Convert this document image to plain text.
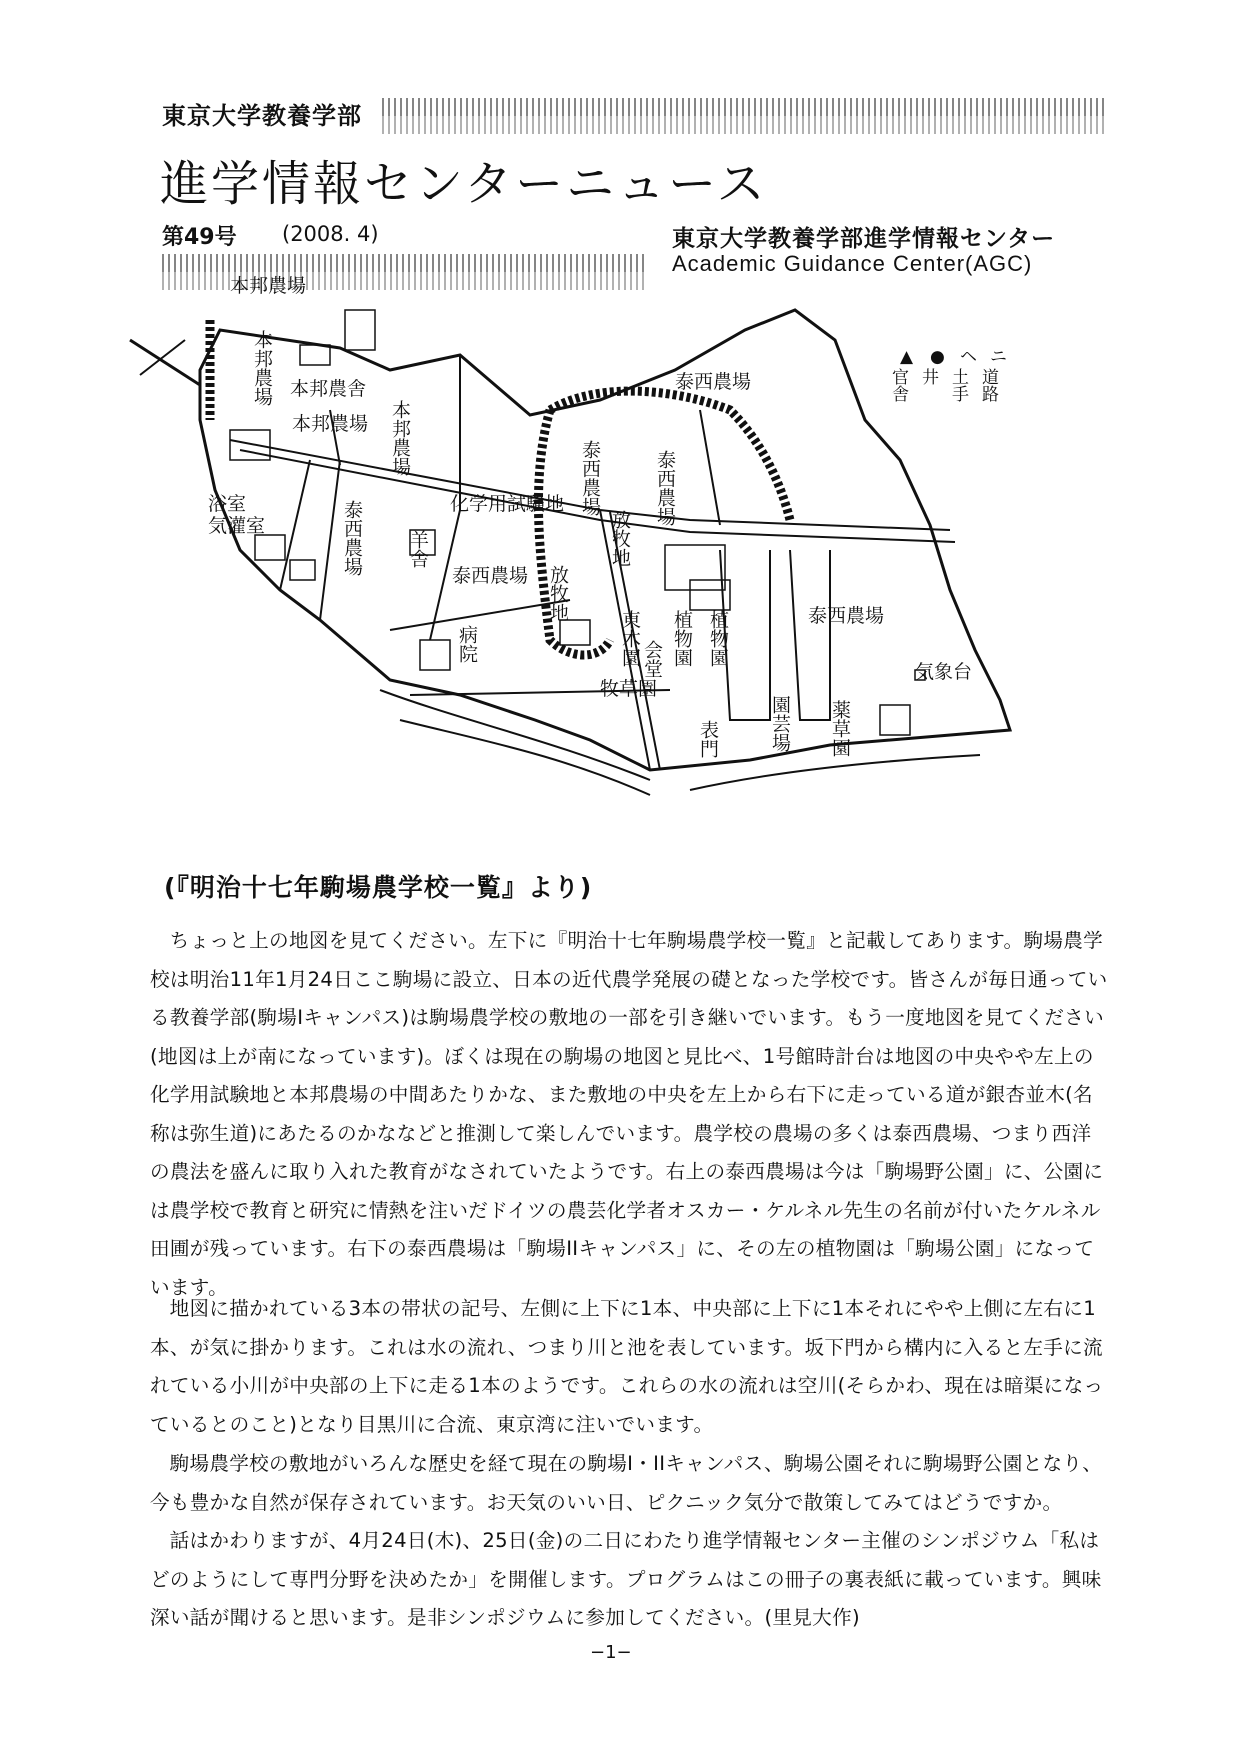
東京大学教養学部
進学情報センターニュース
第49号 (2008. 4)	東京大学教養学部進学情報センター
Academic Guidance Center(AGC)
本邦農場
本邦農場 本邦農舎
本邦農場 本邦農場
泰西農場
泰西農場	泰西農場
放牧地
化学用試験地
浴室
気灌室	泰西農場 羊舎
泰西農場 放牧地	泰西農場
東木園 会堂 植物園 植物園
気象台
病院
牧草園
表門	園芸場 薬草園
ニ
道路
ヘ
土手
●
井
▲
官舎
(『明治十七年駒場農学校一覧』より)

ちょっと上の地図を見てください。左下に『明治十七年駒場農学校一覧』と記載してあります。駒場農学校は明治11年1月24日ここ駒場に設立、日本の近代農学発展の礎となった学校です。皆さんが毎日通っている教養学部(駒場Iキャンパス)は駒場農学校の敷地の一部を引き継いでいます。もう一度地図を見てください(地図は上が南になっています)。ぼくは現在の駒場の地図と見比べ、1号館時計台は地図の中央やや左上の化学用試験地と本邦農場の中間あたりかな、また敷地の中央を左上から右下に走っている道が銀杏並木(名称は弥生道)にあたるのかななどと推測して楽しんでいます。農学校の農場の多くは泰西農場、つまり西洋の農法を盛んに取り入れた教育がなされていたようです。右上の泰西農場は今は「駒場野公園」に、公園には農学校で教育と研究に情熱を注いだドイツの農芸化学者オスカー・ケルネル先生の名前が付いたケルネル田圃が残っています。右下の泰西農場は「駒場IIキャンパス」に、その左の植物園は「駒場公園」になっています。

地図に描かれている3本の帯状の記号、左側に上下に1本、中央部に上下に1本それにやや上側に左右に1本、が気に掛かります。これは水の流れ、つまり川と池を表しています。坂下門から構内に入ると左手に流れている小川が中央部の上下に走る1本のようです。これらの水の流れは空川(そらかわ、現在は暗渠になっているとのこと)となり目黒川に合流、東京湾に注いでいます。

駒場農学校の敷地がいろんな歴史を経て現在の駒場I・IIキャンパス、駒場公園それに駒場野公園となり、今も豊かな自然が保存されています。お天気のいい日、ピクニック気分で散策してみてはどうですか。

話はかわりますが、4月24日(木)、25日(金)の二日にわたり進学情報センター主催のシンポジウム「私はどのようにして専門分野を決めたか」を開催します。プログラムはこの冊子の裏表紙に載っています。興味深い話が聞けると思います。是非シンポジウムに参加してください。(里見大作)

−1−
